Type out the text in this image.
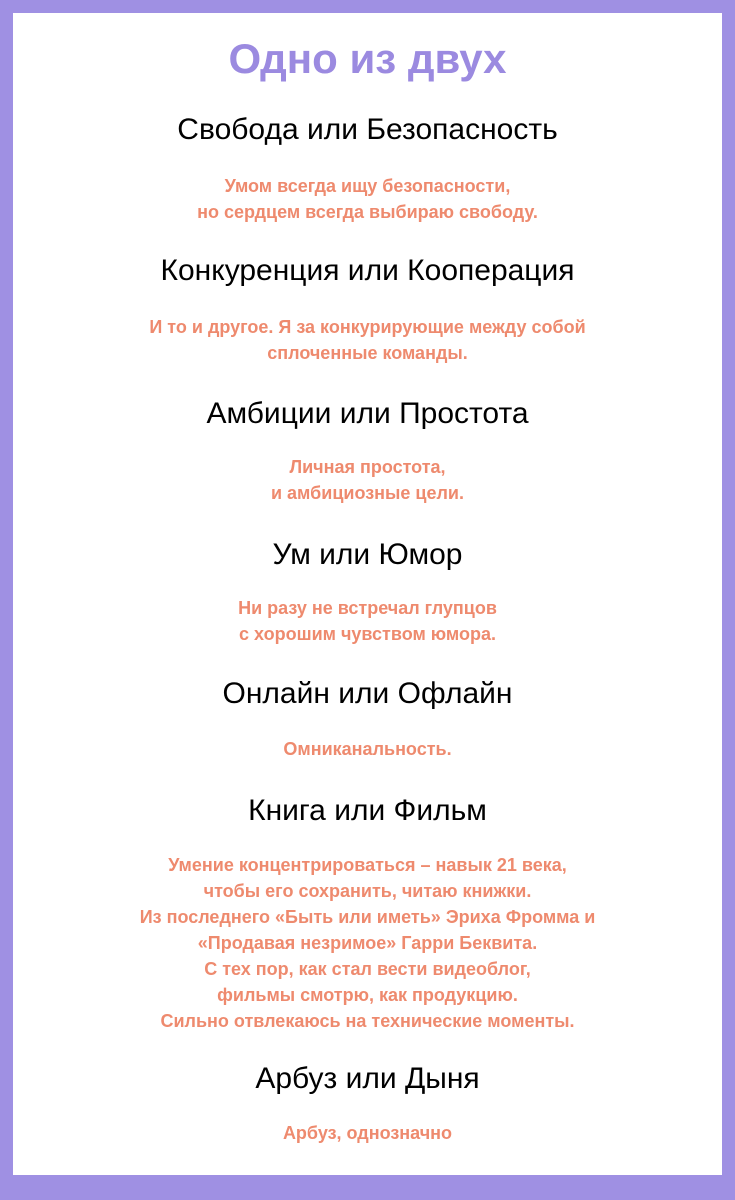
Одно из двух
Свобода или Безопасность
Умом всегда ищу безопасности,
но сердцем всегда выбираю свободу.
Конкуренция или Кооперация
И то и другое. Я за конкурирующие между собой
сплоченные команды.
Амбиции или Простота
Личная простота,
и амбициозные цели.
Ум или Юмор
Ни разу не встречал глупцов
с хорошим чувством юмора.
Онлайн или Офлайн
Омниканальность.
Книга или Фильм
Умение концентрироваться – навык 21 века,
чтобы его сохранить, читаю книжки.
Из последнего «Быть или иметь» Эриха Фромма и
«Продавая незримое» Гарри Беквита.
С тех пор, как стал вести видеоблог,
фильмы смотрю, как продукцию.
Сильно отвлекаюсь на технические моменты.
Арбуз или Дыня
Арбуз, однозначно
